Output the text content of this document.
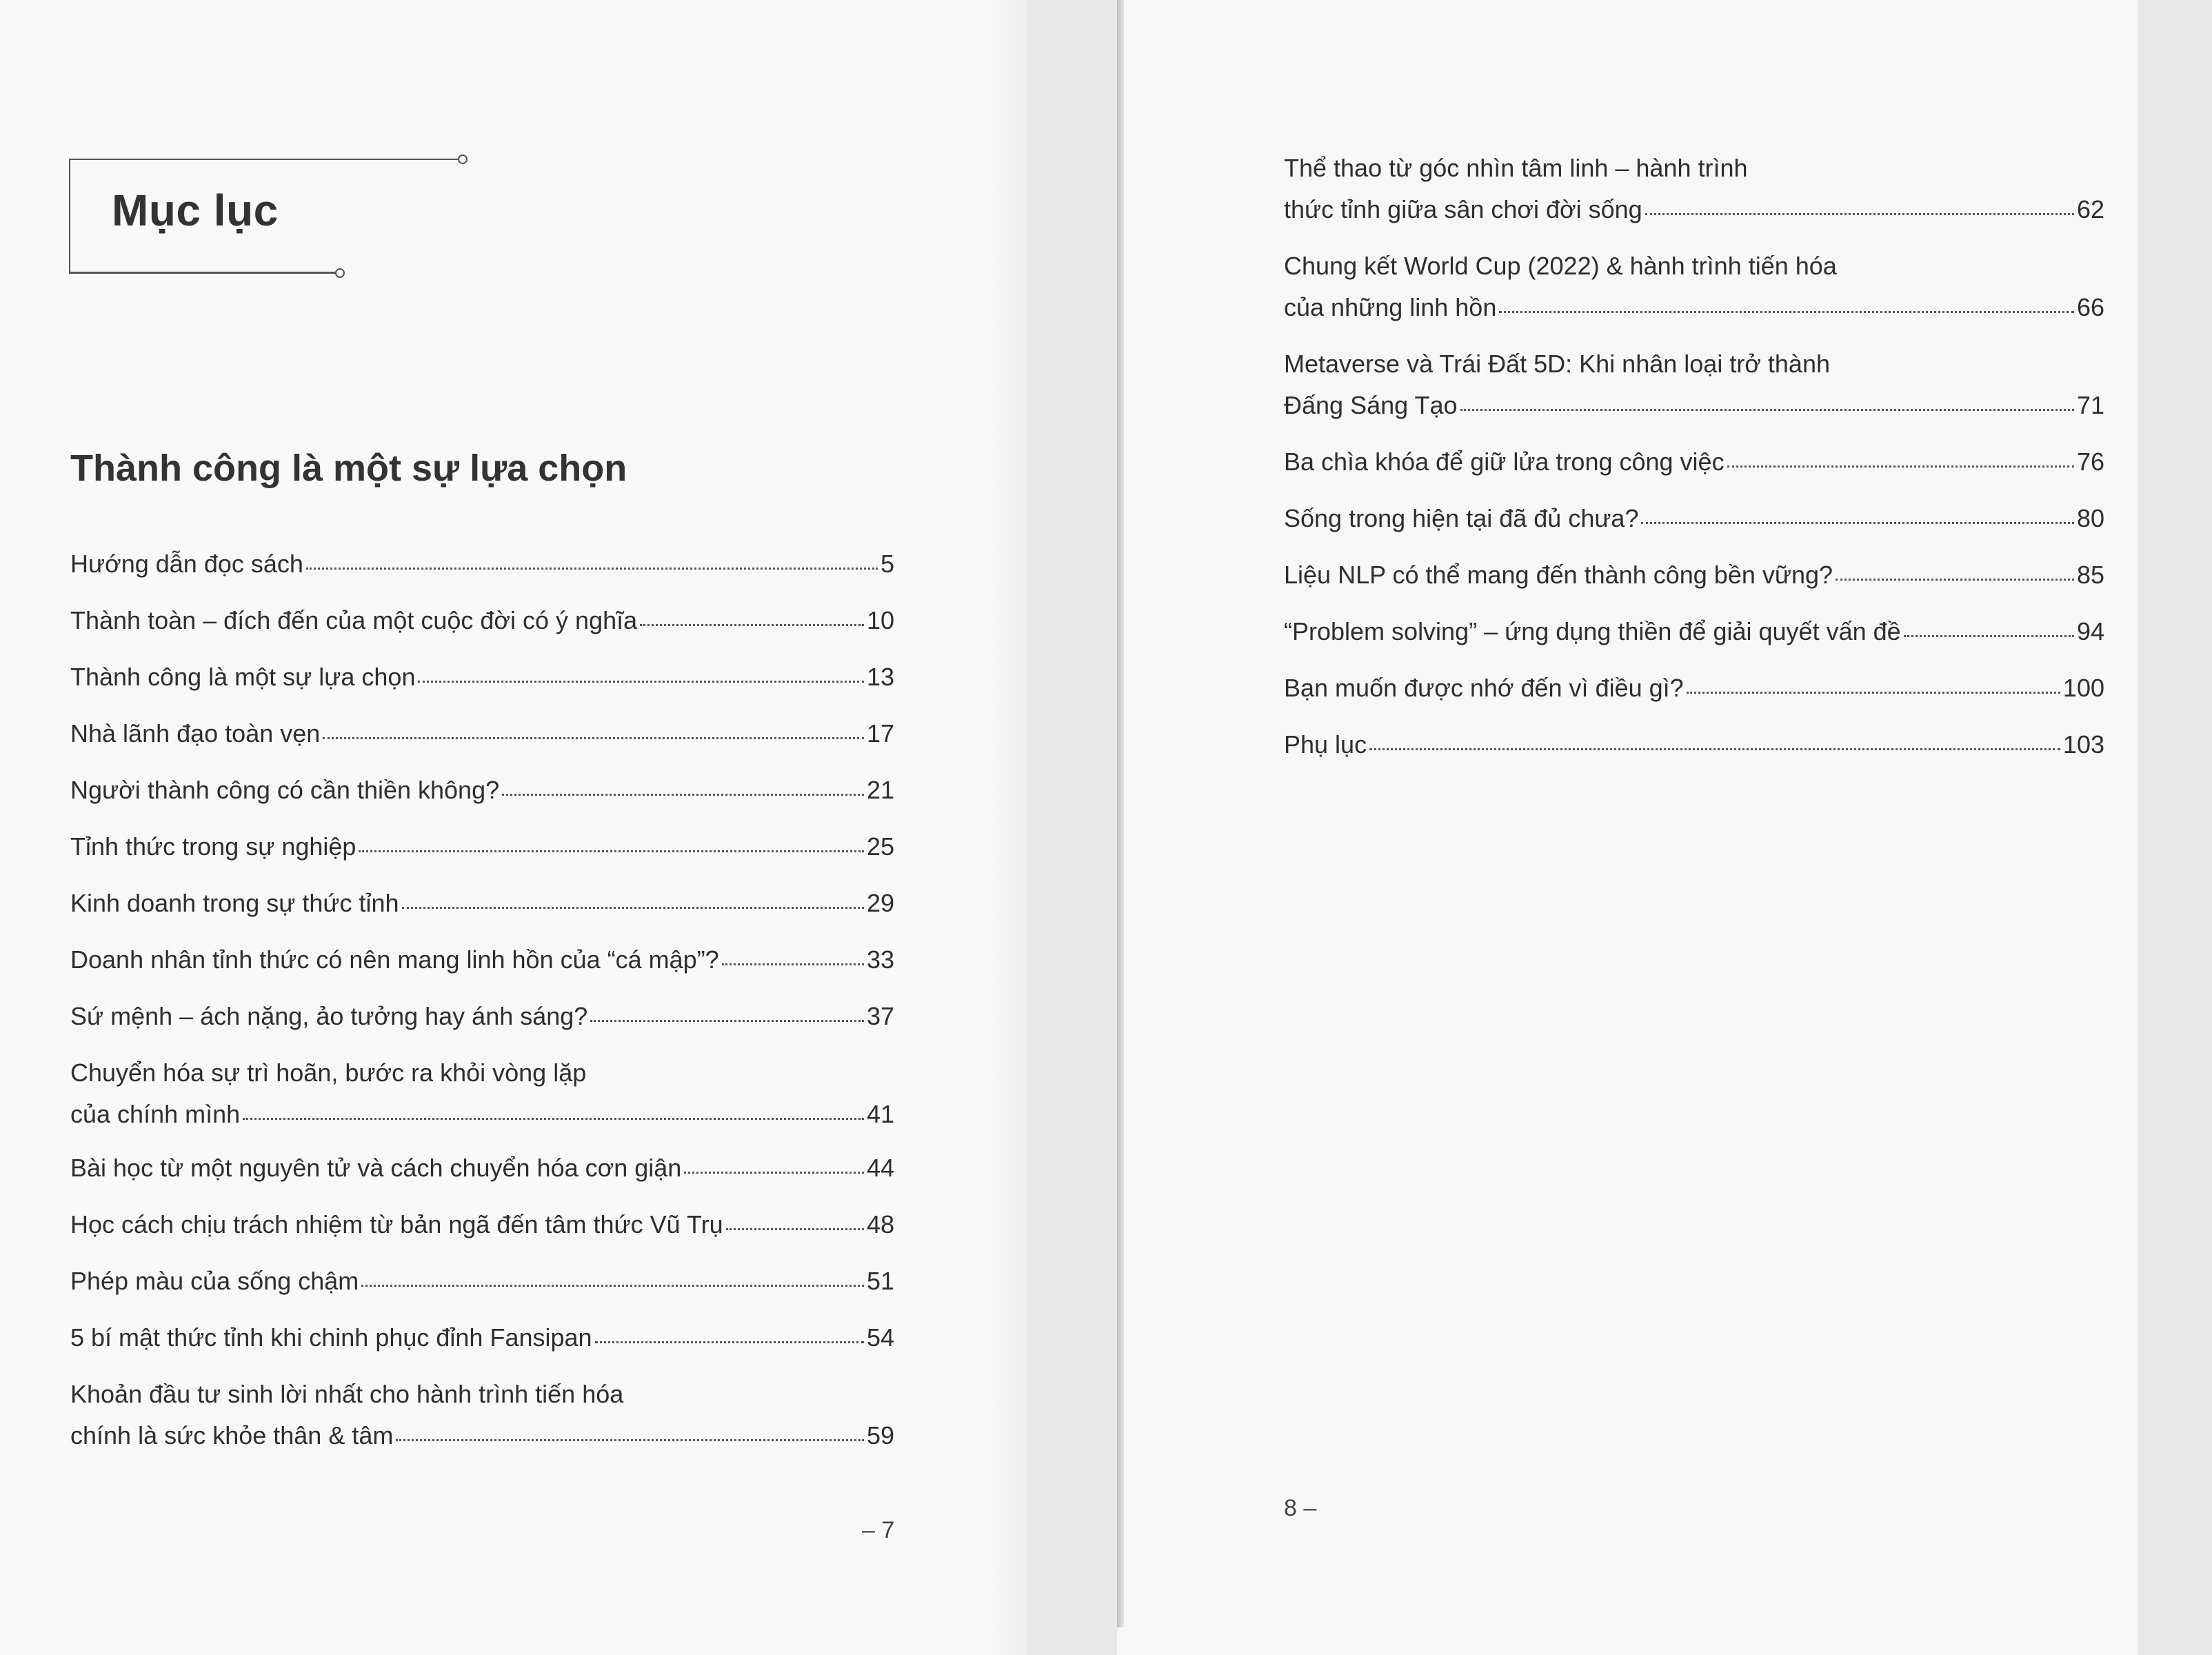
Mục lục
Thành công là một sự lựa chọn
Hướng dẫn đọc sách	5
Thành toàn – đích đến của một cuộc đời có ý nghĩa	10
Thành công là một sự lựa chọn	13
Nhà lãnh đạo toàn vẹn	17
Người thành công có cần thiền không?	21
Tỉnh thức trong sự nghiệp	25
Kinh doanh trong sự thức tỉnh	29
Doanh nhân tỉnh thức có nên mang linh hồn của “cá mập”?	33
Sứ mệnh – ách nặng, ảo tưởng hay ánh sáng?	37
Chuyển hóa sự trì hoãn, bước ra khỏi vòng lặp
của chính mình	41
Bài học từ một nguyên tử và cách chuyển hóa cơn giận	44
Học cách chịu trách nhiệm từ bản ngã đến tâm thức Vũ Trụ	48
Phép màu của sống chậm	51
5 bí mật thức tỉnh khi chinh phục đỉnh Fansipan	54
Khoản đầu tư sinh lời nhất cho hành trình tiến hóa
chính là sức khỏe thân & tâm	59
– 7
Thể thao từ góc nhìn tâm linh – hành trình
thức tỉnh giữa sân chơi đời sống	62
Chung kết World Cup (2022) & hành trình tiến hóa
của những linh hồn	66
Metaverse và Trái Đất 5D: Khi nhân loại trở thành
Đấng Sáng Tạo	71
Ba chìa khóa để giữ lửa trong công việc	76
Sống trong hiện tại đã đủ chưa?	80
Liệu NLP có thể mang đến thành công bền vững?	85
“Problem solving” – ứng dụng thiền để giải quyết vấn đề	94
Bạn muốn được nhớ đến vì điều gì?	100
Phụ lục	103
8 –
